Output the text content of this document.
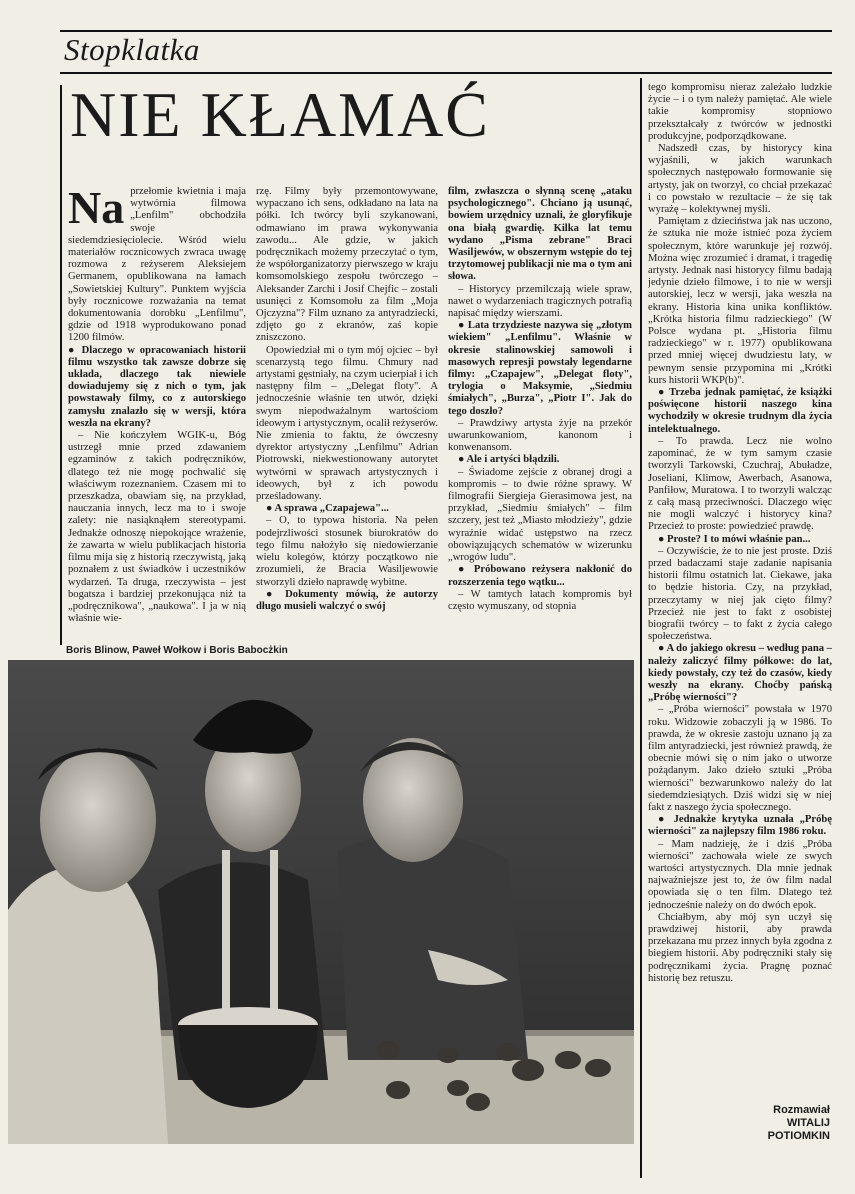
Stopklatka
NIE KŁAMAĆ
Na przełomie kwietnia i maja wytwórnia filmowa „Lenfilm" obchodziła swoje siedemdziesięciolecie. Wśród wielu materiałów rocznicowych zwraca uwagę rozmowa z reżyserem Aleksiejem Germanem, opublikowana na łamach „Sowietskiej Kultury". Punktem wyjścia były rocznicowe rozważania na temat dokumentowania dorobku „Lenfilmu", gdzie od 1918 wyprodukowano ponad 1200 filmów.

● Dlaczego w opracowaniach historii filmu wszystko tak zawsze dobrze się układa, dlaczego tak niewiele dowiadujemy się z nich o tym, jak powstawały filmy, co z autorskiego zamysłu znalazło się w wersji, która weszła na ekrany?

– Nie kończyłem WGIK-u, Bóg ustrzegł mnie przed zdawaniem egzaminów z takich podręczników, dlatego też nie mogę pochwalić się właściwym rozeznaniem. Czasem mi to przeszkadza, obawiam się, na przykład, nauczania innych, lecz ma to i swoje zalety: nie nasiąknąłem stereotypami. Jednakże odnoszę niepokojące wrażenie, że zawarta w wielu publikacjach historia filmu mija się z historią rzeczywistą, jaką poznałem z ust świadków i uczestników wydarzeń. Ta druga, rzeczywista – jest bogatsza i bardziej przekonująca niż ta „podręcznikowa", „naukowa". I ja w nią właśnie wie-

rzę. Filmy były przemontowywane, wypaczano ich sens, odkładano na lata na półki. Ich twórcy byli szykanowani, odmawiano im prawa wykonywania zawodu... Ale gdzie, w jakich podręcznikach możemy przeczytać o tym, że współorganizatorzy pierwszego w kraju komsomolskiego zespołu twórczego – Aleksander Zarchi i Josif Chejfic – zostali usunięci z Komsomołu za film „Moja Ojczyzna"? Film uznano za antyradziecki, zdjęto go z ekranów, zaś kopie zniszczono.

Opowiedział mi o tym mój ojciec – był scenarzystą tego filmu. Chmury nad artystami gęstniały, na czym ucierpiał i ich następny film – „Delegat floty". A jednocześnie właśnie ten utwór, dzięki swym niepodważalnym wartościom ideowym i artystycznym, ocalił reżyserów. Nie zmienia to faktu, że ówczesny dyrektor artystyczny „Lenfilmu" Adrian Piotrowski, niekwestionowany autorytet wytwórni w sprawach artystycznych i ideowych, był z ich powodu prześladowany.

● A sprawa „Czapajewa"...

– O, to typowa historia. Na pełen podejrzliwości stosunek biurokratów do tego filmu nałożyło się niedowierzanie wielu kolegów, którzy początkowo nie zrozumieli, że Bracia Wasiljewowie stworzyli dzieło naprawdę wybitne.

● Dokumenty mówią, że autorzy długo musieli walczyć o swój

film, zwłaszcza o słynną scenę „ataku psychologicznego". Chciano ją usunąć, bowiem urzędnicy uznali, że gloryfikuje ona białą gwardię. Kilka lat temu wydano „Pisma zebrane" Braci Wasiljewów, w obszernym wstępie do tej trzytomowej publikacji nie ma o tym ani słowa.

– Historycy przemilczają wiele spraw, nawet o wydarzeniach tragicznych potrafią napisać między wierszami.

● Lata trzydzieste nazywa się „złotym wiekiem" „Lenfilmu". Właśnie w okresie stalinowskiej samowoli i masowych represji powstały legendarne filmy: „Czapajew", „Delegat floty", trylogia o Maksymie, „Siedmiu śmiałych", „Burza", „Piotr I". Jak do tego doszło?

– Prawdziwy artysta żyje na przekór uwarunkowaniom, kanonom i konwenansom.

● Ale i artyści błądzili.

– Świadome zejście z obranej drogi a kompromis – to dwie różne sprawy. W filmografii Siergieja Gierasimowa jest, na przykład, „Siedmiu śmiałych" – film szczery, jest też „Miasto młodzieży", gdzie wyraźnie widać ustępstwo na rzecz obowiązujących schematów w wizerunku „wrogów ludu".

● Próbowano reżysera nakłonić do rozszerzenia tego wątku...

– W tamtych latach kompromis był często wymuszany, od stopnia

tego kompromisu nieraz zależało ludzkie życie – i o tym należy pamiętać. Ale wiele takie kompromisy stopniowo przekształcały z twórców w jednostki produkcyjne, podporządkowane.

Nadszedł czas, by historycy kina wyjaśnili, w jakich warunkach społecznych następowało formowanie się artysty, jak on tworzył, co chciał przekazać i co powstało w rezultacie – że się tak wyrażę – kolektywnej myśli.

Pamiętam z dzieciństwa jak nas uczono, że sztuka nie może istnieć poza życiem społecznym, które warunkuje jej rozwój. Można więc zrozumieć i dramat, i tragedię artysty. Jednak nasi historycy filmu badają jedynie dzieło filmowe, i to nie w wersji autorskiej, lecz w wersji, jaka weszła na ekrany. Historia kina unika konfliktów. „Krótka historia filmu radzieckiego" (W Polsce wydana pt. „Historia filmu radzieckiego" w r. 1977) opublikowana przed mniej więcej dwudziestu laty, w pewnym sensie przypomina mi „Krótki kurs historii WKP(b)".

● Trzeba jednak pamiętać, że książki poświęcone historii naszego kina wychodziły w okresie trudnym dla życia intelektualnego.

– To prawda. Lecz nie wolno zapominać, że w tym samym czasie tworzyli Tarkowski, Czuchraj, Abuładze, Joseliani, Klimow, Awerbach, Asanowa, Panfiłow, Muratowa. I to tworzyli walcząc z całą masą przeciwności. Dlaczego więc nie mogli walczyć i historycy kina? Przecież to proste: powiedzieć prawdę.

● Proste? I to mówi właśnie pan...

– Oczywiście, że to nie jest proste. Dziś przed badaczami staje zadanie napisania historii filmu ostatnich lat. Ciekawe, jaka to będzie historia. Czy, na przykład, przeczytamy w niej jak cięto filmy? Przecież nie jest to fakt z osobistej biografii twórcy – to fakt z życia całego społeczeństwa.

● A do jakiego okresu – według pana – należy zaliczyć filmy półkowe: do lat, kiedy powstały, czy też do czasów, kiedy weszły na ekrany. Choćby pańską „Próbę wierności"?

– „Próba wierności" powstała w 1970 roku. Widzowie zobaczyli ją w 1986. To prawda, że w okresie zastoju uznano ją za film antyradziecki, jest również prawdą, że obecnie mówi się o nim jako o utworze pożądanym. Jako dzieło sztuki „Próba wierności" bezwarunkowo należy do lat siedemdziesiątych. Dziś widzi się w niej fakt z naszego życia społecznego.

● Jednakże krytyka uznała „Próbę wierności" za najlepszy film 1986 roku.

– Mam nadzieję, że i dziś „Próba wierności" zachowała wiele ze swych wartości artystycznych. Dla mnie jednak najważniejsze jest to, że ów film nadal opowiada się o ten film. Dlatego też jednocześnie należy on do dwóch epok.

Chciałbym, aby mój syn uczył się prawdziwej historii, aby prawda przekazana mu przez innych była zgodna z biegiem historii. Aby podręczniki stały się podręcznikami życia. Pragnę poznać historię bez retuszu.

Boris Blinow, Paweł Wołkow i Boris Babocżkin
Rozmawiał
WITALIJ
POTIOMKIN
